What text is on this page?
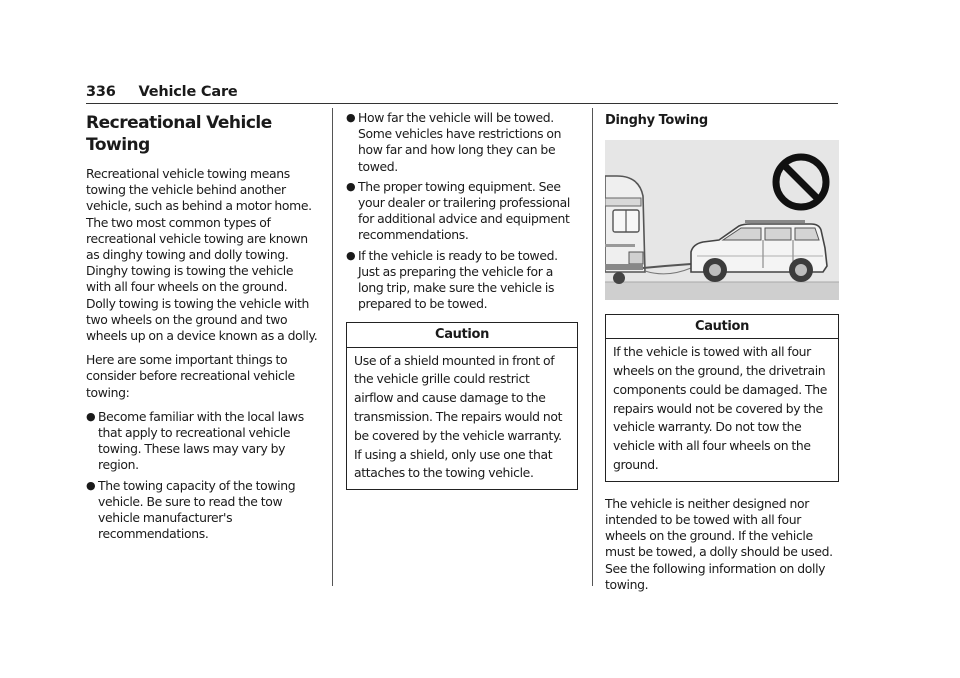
336 Vehicle Care
Recreational Vehicle Towing

Recreational vehicle towing means towing the vehicle behind another vehicle, such as behind a motor home. The two most common types of recreational vehicle towing are known as dinghy towing and dolly towing. Dinghy towing is towing the vehicle with all four wheels on the ground. Dolly towing is towing the vehicle with two wheels on the ground and two wheels up on a device known as a dolly.

Here are some important things to consider before recreational vehicle towing:

● Become familiar with the local laws that apply to recreational vehicle towing. These laws may vary by region.
● The towing capacity of the towing vehicle. Be sure to read the tow vehicle manufacturer's recommendations.
● How far the vehicle will be towed. Some vehicles have restrictions on how far and how long they can be towed.
● The proper towing equipment. See your dealer or trailering professional for additional advice and equipment recommendations.
● If the vehicle is ready to be towed. Just as preparing the vehicle for a long trip, make sure the vehicle is prepared to be towed.
Caution
Use of a shield mounted in front of the vehicle grille could restrict airflow and cause damage to the transmission. The repairs would not be covered by the vehicle warranty. If using a shield, only use one that attaches to the towing vehicle.
Dinghy Towing
Caution
If the vehicle is towed with all four wheels on the ground, the drivetrain components could be damaged. The repairs would not be covered by the vehicle warranty. Do not tow the vehicle with all four wheels on the ground.

The vehicle is neither designed nor intended to be towed with all four wheels on the ground. If the vehicle must be towed, a dolly should be used. See the following information on dolly towing.
